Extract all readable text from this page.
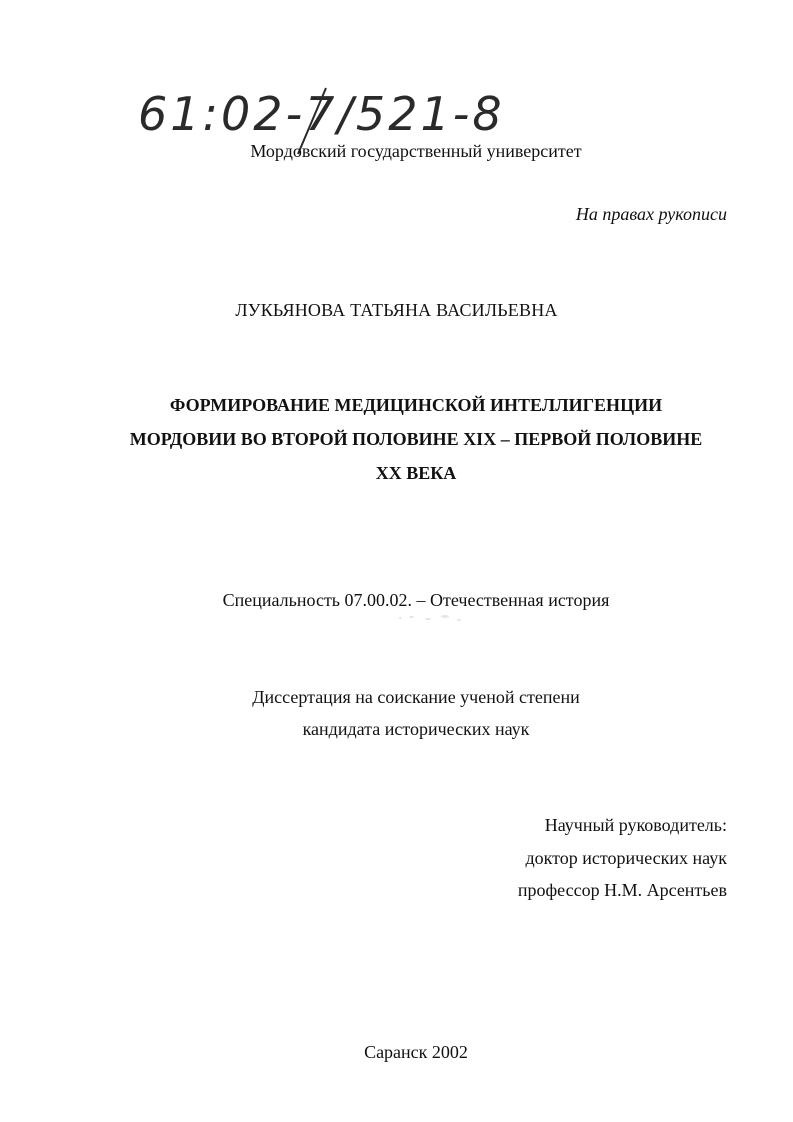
61:02-7/521-8
Мордовский государственный университет
На правах рукописи
ЛУКЬЯНОВА ТАТЬЯНА ВАСИЛЬЕВНА
ФОРМИРОВАНИЕ МЕДИЦИНСКОЙ ИНТЕЛЛИГЕНЦИИ
МОРДОВИИ ВО ВТОРОЙ ПОЛОВИНЕ XIX – ПЕРВОЙ ПОЛОВИНЕ
XX ВЕКА
Специальность 07.00.02. – Отечественная история
Диссертация на соискание ученой степени
кандидата исторических наук
Научный руководитель:
доктор исторических наук
профессор Н.М. Арсентьев
Саранск 2002
